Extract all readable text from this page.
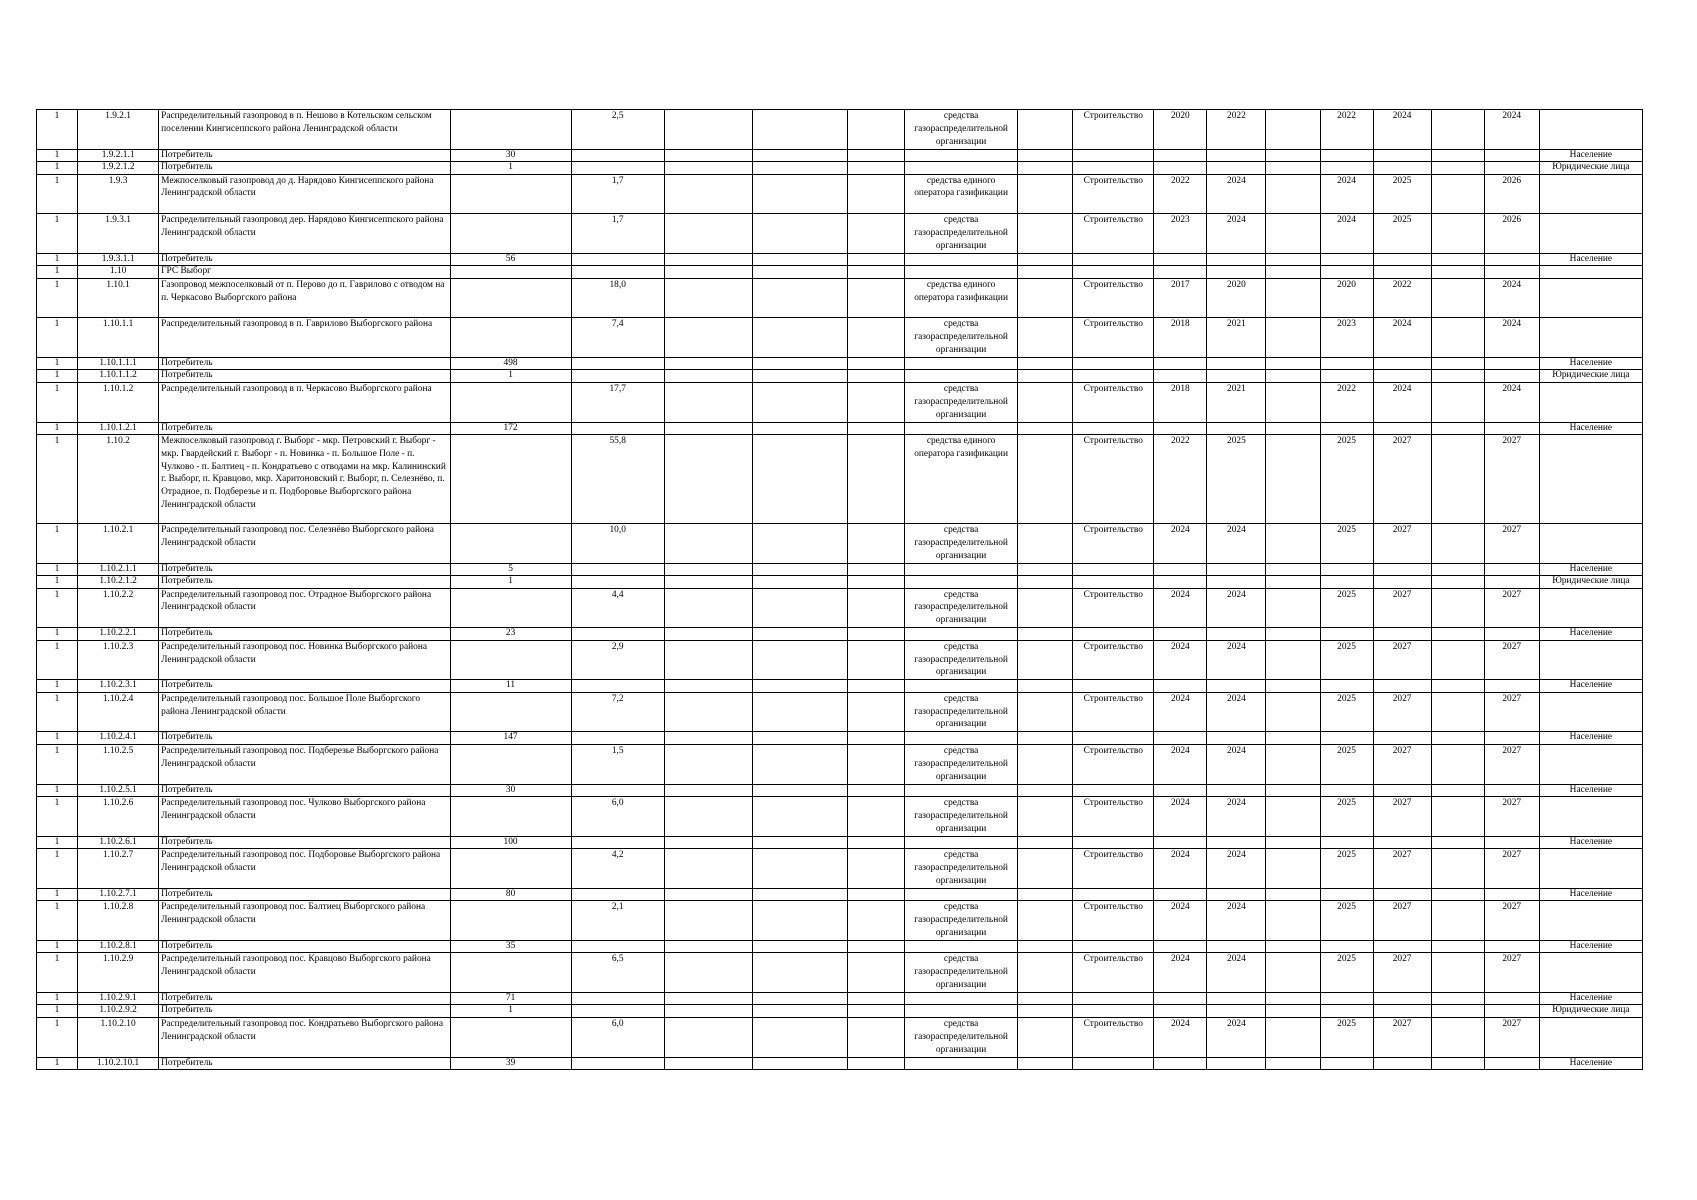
1	1.9.2.1	Распределительный газопровод в п. Нешово в Котельском сельском поселении Кингисеппского района Ленинградской области		2,5				средства газораспределительной организации		Строительство	2020	2022		2022	2024		2024	
1	1.9.2.1.1	Потребитель	30															Население
1	1.9.2.1.2	Потребитель	1															Юридические лица
1	1.9.3	Межпоселковый газопровод до д. Нарядово Кингисеппского района Ленинградской области		1,7				средства единого оператора газификации		Строительство	2022	2024		2024	2025		2026	
1	1.9.3.1	Распределительный газопровод дер. Нарядово Кингисеппского района Ленинградской области		1,7				средства газораспределительной организации		Строительство	2023	2024		2024	2025		2026	
1	1.9.3.1.1	Потребитель	56															Население
1	1.10	ГРС Выборг																
1	1.10.1	Газопровод межпоселковый от п. Перово до п. Гаврилово с отводом на п. Черкасово Выборгского района		18,0				средства единого оператора газификации		Строительство	2017	2020		2020	2022		2024	
1	1.10.1.1	Распределительный газопровод в п. Гаврилово Выборгского района		7,4				средства газораспределительной организации		Строительство	2018	2021		2023	2024		2024	
1	1.10.1.1.1	Потребитель	498															Население
1	1.10.1.1.2	Потребитель	1															Юридические лица
1	1.10.1.2	Распределительный газопровод в п. Черкасово Выборгского района		17,7				средства газораспределительной организации		Строительство	2018	2021		2022	2024		2024	
1	1.10.1.2.1	Потребитель	172															Население
1	1.10.2	Межпоселковый газопровод г. Выборг - мкр. Петровский г. Выборг - мкр. Гвардейский г. Выборг - п. Новинка - п. Большое Поле - п. Чулково - п. Балтиец - п. Кондратьево с отводами на мкр. Калининский г. Выборг, п. Кравцово, мкр. Харитоновский г. Выборг, п. Селезнёво, п. Отрадное, п. Подберезье и п. Подборовье Выборгского района Ленинградской области		55,8				средства единого оператора газификации		Строительство	2022	2025		2025	2027		2027	
1	1.10.2.1	Распределительный газопровод пос. Селезнёво Выборгского района Ленинградской области		10,0				средства газораспределительной организации		Строительство	2024	2024		2025	2027		2027	
1	1.10.2.1.1	Потребитель	5															Население
1	1.10.2.1.2	Потребитель	1															Юридические лица
1	1.10.2.2	Распределительный газопровод пос. Отрадное Выборгского района Ленинградской области		4,4				средства газораспределительной организации		Строительство	2024	2024		2025	2027		2027	
1	1.10.2.2.1	Потребитель	23															Население
1	1.10.2.3	Распределительный газопровод пос. Новинка Выборгского района Ленинградской области		2,9				средства газораспределительной организации		Строительство	2024	2024		2025	2027		2027	
1	1.10.2.3.1	Потребитель	11															Население
1	1.10.2.4	Распределительный газопровод пос. Большое Поле Выборгского района Ленинградской области		7,2				средства газораспределительной организации		Строительство	2024	2024		2025	2027		2027	
1	1.10.2.4.1	Потребитель	147															Население
1	1.10.2.5	Распределительный газопровод пос. Подберезье Выборгского района Ленинградской области		1,5				средства газораспределительной организации		Строительство	2024	2024		2025	2027		2027	
1	1.10.2.5.1	Потребитель	30															Население
1	1.10.2.6	Распределительный газопровод пос. Чулково Выборгского района Ленинградской области		6,0				средства газораспределительной организации		Строительство	2024	2024		2025	2027		2027	
1	1.10.2.6.1	Потребитель	100															Население
1	1.10.2.7	Распределительный газопровод пос. Подборовье Выборгского района Ленинградской области		4,2				средства газораспределительной организации		Строительство	2024	2024		2025	2027		2027	
1	1.10.2.7.1	Потребитель	80															Население
1	1.10.2.8	Распределительный газопровод пос. Балтиец Выборгского района Ленинградской области		2,1				средства газораспределительной организации		Строительство	2024	2024		2025	2027		2027	
1	1.10.2.8.1	Потребитель	35															Население
1	1.10.2.9	Распределительный газопровод пос. Кравцово Выборгского района Ленинградской области		6,5				средства газораспределительной организации		Строительство	2024	2024		2025	2027		2027	
1	1.10.2.9.1	Потребитель	71															Население
1	1.10.2.9.2	Потребитель	1															Юридические лица
1	1.10.2.10	Распределительный газопровод пос. Кондратьево Выборгского района Ленинградской области		6,0				средства газораспределительной организации		Строительство	2024	2024		2025	2027		2027	
1	1.10.2.10.1	Потребитель	39															Население
